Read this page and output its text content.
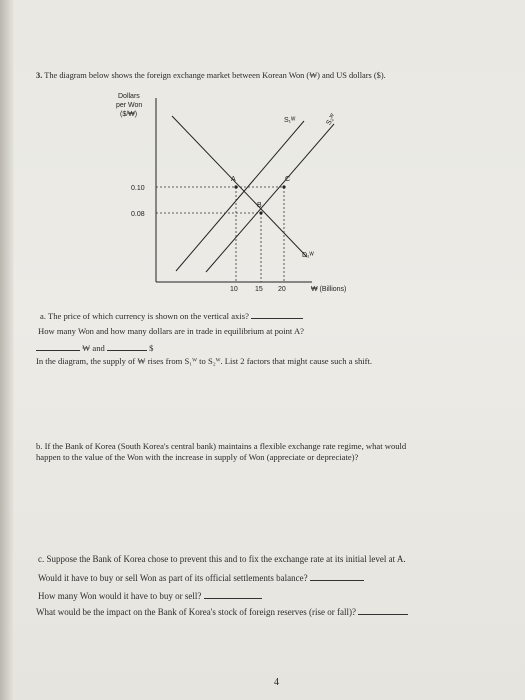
3. The diagram below shows the foreign exchange market between Korean Won (₩) and US dollars ($).
Dollars
per Won
($/₩)
0.10
0.08
10 15 20	₩ (Billions)
S₁ᵂ	S₂ᵂ
D₁ᵂ
A
B
C
a. The price of which currency is shown on the vertical axis?
How many Won and how many dollars are in trade in equilibrium at point A?
₩ and	$
In the diagram, the supply of ₩ rises from S₁ᵂ to S₂ᵂ. List 2 factors that might cause such a shift.
b. If the Bank of Korea (South Korea's central bank) maintains a flexible exchange rate regime, what would
happen to the value of the Won with the increase in supply of Won (appreciate or depreciate)?
c. Suppose the Bank of Korea chose to prevent this and to fix the exchange rate at its initial level at A.
Would it have to buy or sell Won as part of its official settlements balance?
How many Won would it have to buy or sell?
What would be the impact on the Bank of Korea's stock of foreign reserves (rise or fall)?
4
